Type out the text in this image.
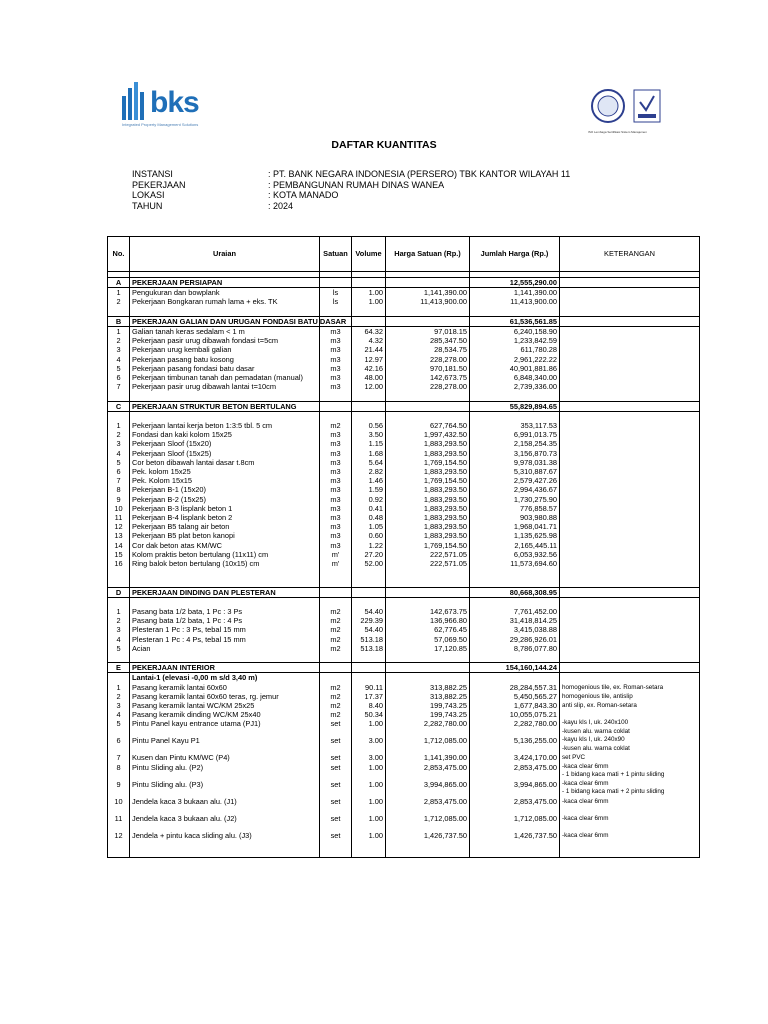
bks
Integrated Property Management Solutions
ISO Lembaga Sertifikasi Sistem Manajemen
DAFTAR KUANTITAS
INSTANSI	: PT. BANK NEGARA INDONESIA (PERSERO) TBK KANTOR WILAYAH 11
PEKERJAAN	: PEMBANGUNAN RUMAH DINAS WANEA
LOKASI	: KOTA MANADO
TAHUN	: 2024
No.	Uraian	Satuan	Volume	Harga Satuan (Rp.)	Jumlah Harga (Rp.)	KETERANGAN

A	PEKERJAAN PERSIAPAN				12,555,290.00	
1	Pengukuran dan bowplank	ls	1.00	1,141,390.00	1,141,390.00	
2	Pekerjaan Bongkaran rumah lama + eks. TK	ls	1.00	11,413,900.00	11,413,900.00	

B	PEKERJAAN GALIAN DAN URUGAN FONDASI BATU DASAR				61,536,561.85	
1	Galian tanah keras sedalam < 1 m	m3	64.32	97,018.15	6,240,158.90	
2	Pekerjaan pasir urug dibawah fondasi t=5cm	m3	4.32	285,347.50	1,233,842.59	
3	Pekerjaan urug kembali galian	m3	21.44	28,534.75	611,780.28	
4	Pekerjaan pasang batu kosong	m3	12.97	228,278.00	2,961,222.22	
5	Pekerjaan pasang fondasi batu dasar	m3	42.16	970,181.50	40,901,881.86	
6	Pekerjaan timbunan tanah dan pemadatan (manual)	m3	48.00	142,673.75	6,848,340.00	
7	Pekerjaan pasir urug dibawah lantai t=10cm	m3	12.00	228,278.00	2,739,336.00	

C	PEKERJAAN STRUKTUR BETON BERTULANG				55,829,894.65	

1	Pekerjaan lantai kerja beton 1:3:5 tbl. 5 cm	m2	0.56	627,764.50	353,117.53	
2	Fondasi dan kaki kolom 15x25	m3	3.50	1,997,432.50	6,991,013.75	
3	Pekerjaan Sloof (15x20)	m3	1.15	1,883,293.50	2,158,254.35	
4	Pekerjaan Sloof (15x25)	m3	1.68	1,883,293.50	3,156,870.73	
5	Cor beton dibawah lantai dasar t.8cm	m3	5.64	1,769,154.50	9,978,031.38	
6	Pek. kolom 15x25	m3	2.82	1,883,293.50	5,310,887.67	
7	Pek. Kolom 15x15	m3	1.46	1,769,154.50	2,579,427.26	
8	Pekerjaan B-1 (15x20)	m3	1.59	1,883,293.50	2,994,436.67	
9	Pekerjaan B-2 (15x25)	m3	0.92	1,883,293.50	1,730,275.90	
10	Pekerjaan B-3 lisplank beton 1	m3	0.41	1,883,293.50	776,858.57	
11	Pekerjaan B-4 lisplank beton 2	m3	0.48	1,883,293.50	903,980.88	
12	Pekerjaan B5 talang air beton	m3	1.05	1,883,293.50	1,968,041.71	
13	Pekerjaan B5 plat beton kanopi	m3	0.60	1,883,293.50	1,135,625.98	
14	Cor dak beton atas KM/WC	m3	1.22	1,769,154.50	2,165,445.11	
15	Kolom praktis beton bertulang (11x11) cm	m'	27.20	222,571.05	6,053,932.56	
16	Ring balok beton bertulang (10x15) cm	m'	52.00	222,571.05	11,573,694.60	

D	PEKERJAAN DINDING DAN PLESTERAN				80,668,308.95	

1	Pasang bata 1/2 bata, 1 Pc : 3 Ps	m2	54.40	142,673.75	7,761,452.00	
2	Pasang bata 1/2 bata, 1 Pc : 4 Ps	m2	229.39	136,966.80	31,418,814.25	
3	Plesteran 1 Pc : 3 Ps, tebal 15 mm	m2	54.40	62,776.45	3,415,038.88	
4	Plesteran 1 Pc : 4 Ps, tebal 15 mm	m2	513.18	57,069.50	29,286,926.01	
5	Acian	m2	513.18	17,120.85	8,786,077.80	

E	PEKERJAAN INTERIOR				154,160,144.24	
	Lantai-1 (elevasi -0,00 m s/d 3,40 m)					
1	Pasang keramik lantai 60x60	m2	90.11	313,882.25	28,284,557.31	homogenious tile, ex. Roman-setara
2	Pasang keramik lantai 60x60 teras, rg. jemur	m2	17.37	313,882.25	5,450,565.27	homogenious tile, antislip
3	Pasang keramik lantai WC/KM 25x25	m2	8.40	199,743.25	1,677,843.30	anti slip, ex. Roman-setara
4	Pasang keramik dinding WC/KM 25x40	m2	50.34	199,743.25	10,055,075.21	
5	Pintu Panel kayu entrance utama (PJ1)	set	1.00	2,282,780.00	2,282,780.00	-kayu kls I, uk. 240x100
-kusen alu. warna coklat

6	Pintu Panel Kayu P1	set	3.00	1,712,085.00	5,136,255.00	-kayu kls I, uk. 240x90
-kusen alu. warna coklat

7	Kusen dan Pintu KM/WC (P4)	set	3.00	1,141,390.00	3,424,170.00	set PVC
8	Pintu Sliding alu. (P2)	set	1.00	2,853,475.00	2,853,475.00	-kaca clear 6mm
- 1 bidang kaca mati + 1 pintu sliding

9	Pintu Sliding alu. (P3)	set	1.00	3,994,865.00	3,994,865.00	-kaca clear 6mm
- 1 bidang kaca mati + 2 pintu sliding

10	Jendela kaca 3 bukaan alu. (J1)	set	1.00	2,853,475.00	2,853,475.00	-kaca clear 6mm
11	Jendela kaca 3 bukaan alu. (J2)	set	1.00	1,712,085.00	1,712,085.00	-kaca clear 6mm
12	Jendela + pintu kaca sliding alu. (J3)	set	1.00	1,426,737.50	1,426,737.50	-kaca clear 6mm
